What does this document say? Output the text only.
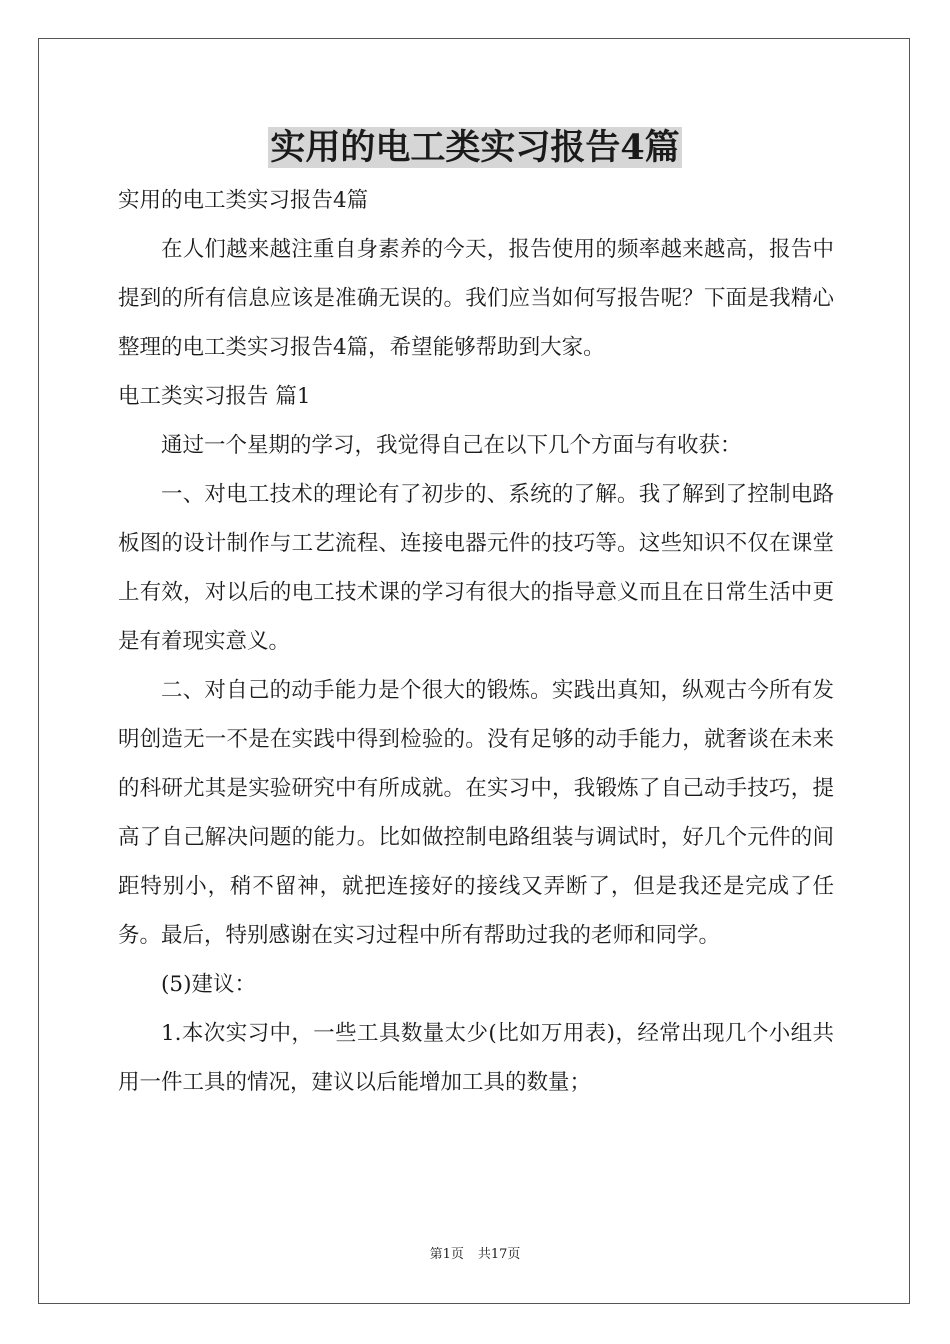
实用的电工类实习报告4篇

实用的电工类实习报告4篇

在人们越来越注重自身素养的今天，报告使用的频率越来越高，报告中提到的所有信息应该是准确无误的。我们应当如何写报告呢？下面是我精心整理的电工类实习报告4篇，希望能够帮助到大家。

电工类实习报告 篇1

通过一个星期的学习，我觉得自己在以下几个方面与有收获：

一、对电工技术的理论有了初步的、系统的了解。我了解到了控制电路板图的设计制作与工艺流程、连接电器元件的技巧等。这些知识不仅在课堂上有效，对以后的电工技术课的学习有很大的指导意义而且在日常生活中更是有着现实意义。

二、对自己的动手能力是个很大的锻炼。实践出真知，纵观古今所有发明创造无一不是在实践中得到检验的。没有足够的动手能力，就奢谈在未来的科研尤其是实验研究中有所成就。在实习中，我锻炼了自己动手技巧，提高了自己解决问题的能力。比如做控制电路组装与调试时，好几个元件的间距特别小，稍不留神，就把连接好的接线又弄断了，但是我还是完成了任务。最后，特别感谢在实习过程中所有帮助过我的老师和同学。

(5)建议：

1.本次实习中，一些工具数量太少(比如万用表)，经常出现几个小组共用一件工具的情况，建议以后能增加工具的数量；

第1页 共17页
